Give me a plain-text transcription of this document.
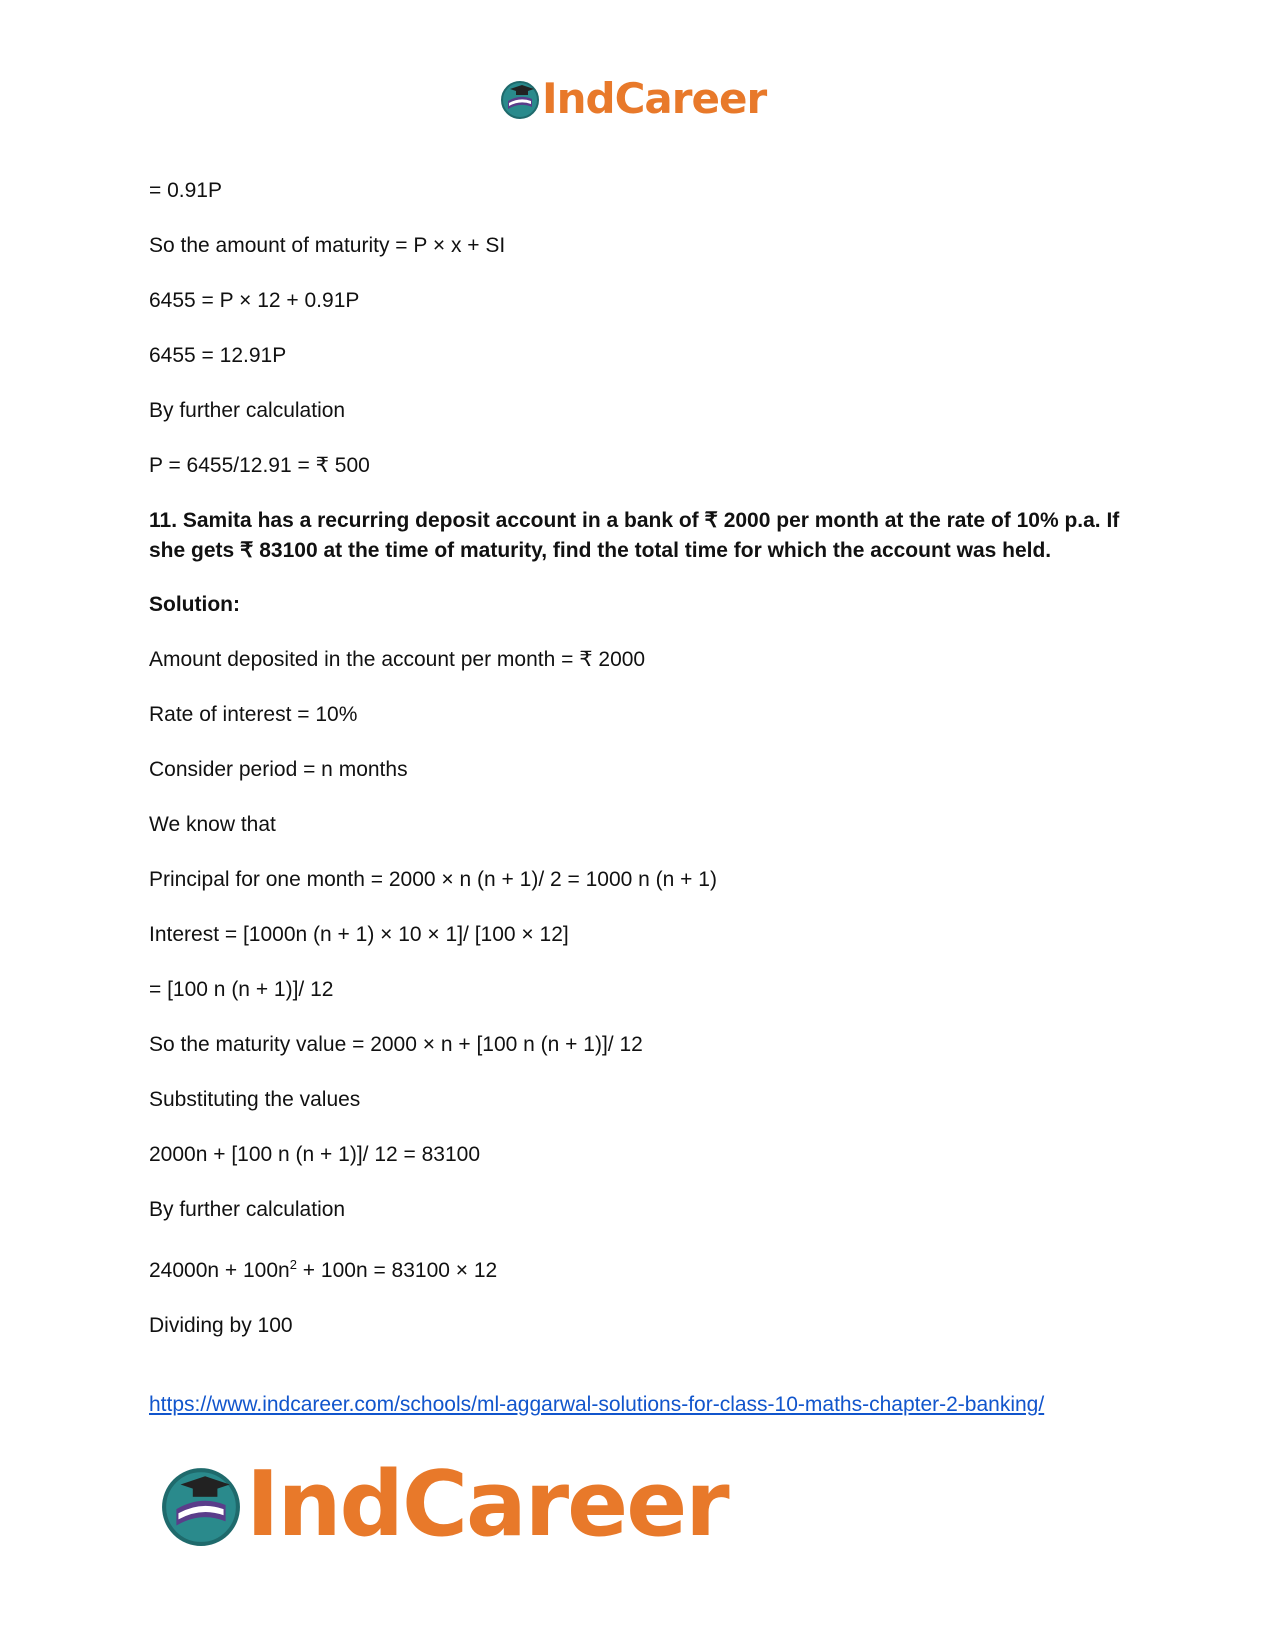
IndCareer

= 0.91P

So the amount of maturity = P × x + SI

6455 = P × 12 + 0.91P

6455 = 12.91P

By further calculation

P = 6455/12.91 = ₹ 500

11. Samita has a recurring deposit account in a bank of ₹ 2000 per month at the rate of 10% p.a. If she gets ₹ 83100 at the time of maturity, find the total time for which the account was held.

Solution:

Amount deposited in the account per month = ₹ 2000

Rate of interest = 10%

Consider period = n months

We know that

Principal for one month = 2000 × n (n + 1)/ 2 = 1000 n (n + 1)

Interest = [1000n (n + 1) × 10 × 1]/ [100 × 12]

= [100 n (n + 1)]/ 12

So the maturity value = 2000 × n + [100 n (n + 1)]/ 12

Substituting the values

2000n + [100 n (n + 1)]/ 12 = 83100

By further calculation

$24000n + 100n^2 + 100n = 83100 \times 12$

Dividing by 100

https://www.indcareer.com/schools/ml-aggarwal-solutions-for-class-10-maths-chapter-2-banking/
IndCareer
